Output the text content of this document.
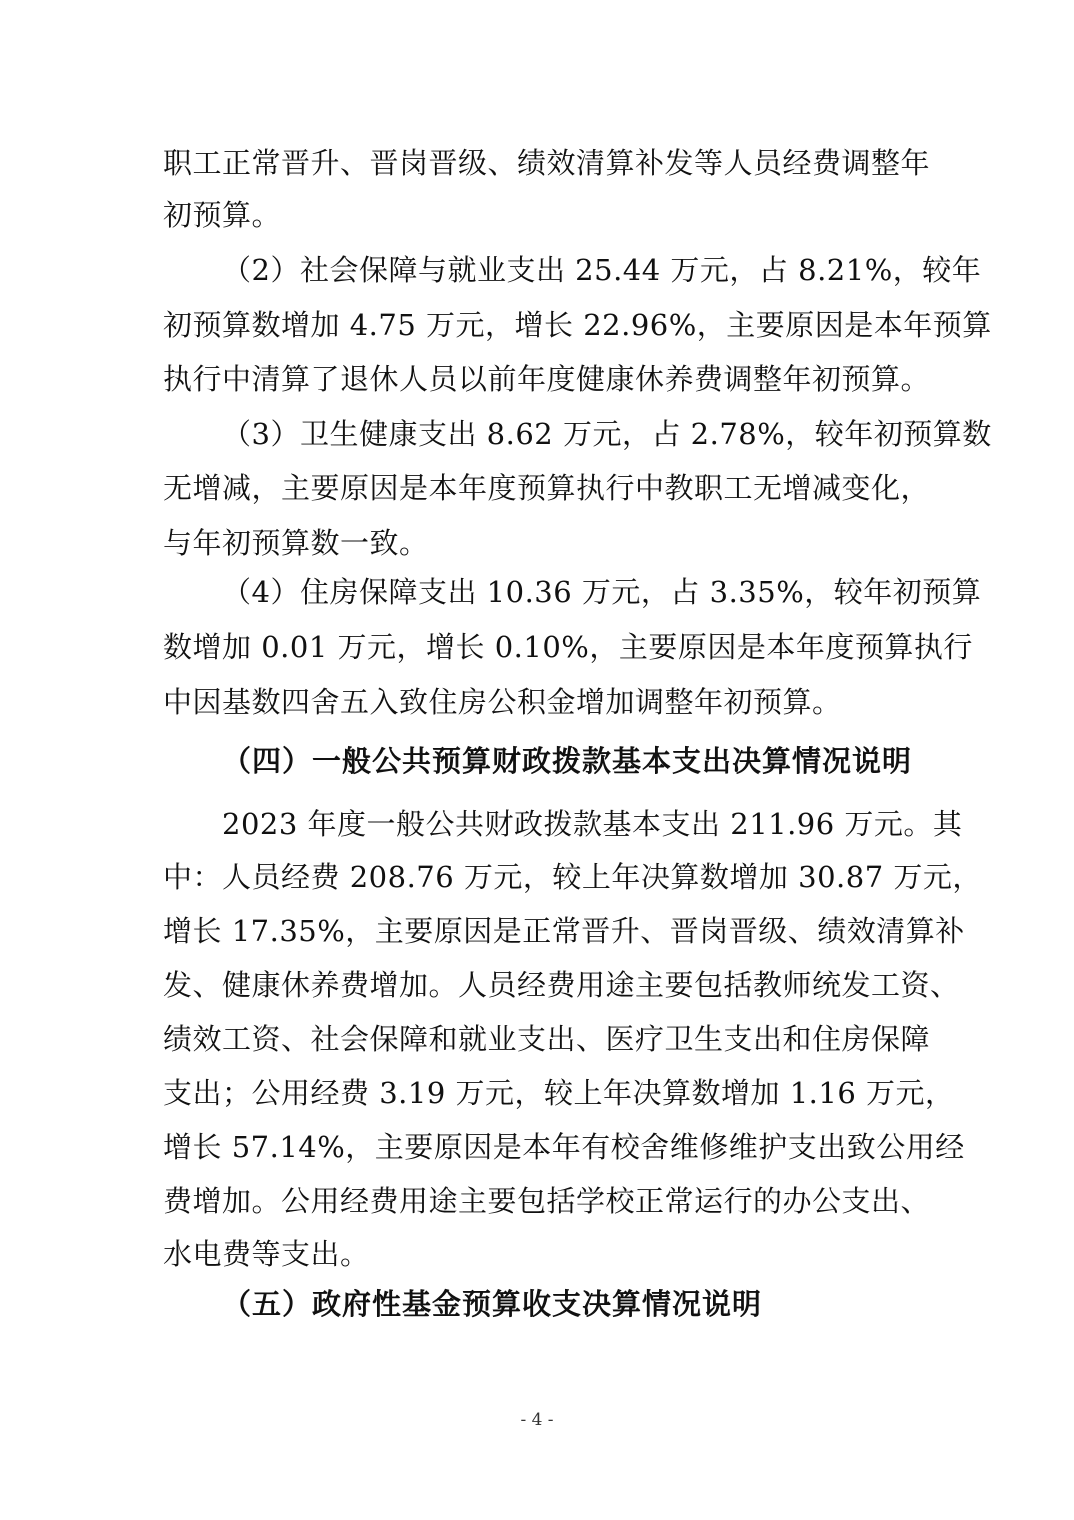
职工正常晋升、晋岗晋级、绩效清算补发等人员经费调整年
初预算。
（2）社会保障与就业支出 25.44 万元，占 8.21%，较年
初预算数增加 4.75 万元，增长 22.96%，主要原因是本年预算
执行中清算了退休人员以前年度健康休养费调整年初预算。
（3）卫生健康支出 8.62 万元，占 2.78%，较年初预算数
无增减，主要原因是本年度预算执行中教职工无增减变化，
与年初预算数一致。
（4）住房保障支出 10.36 万元，占 3.35%，较年初预算
数增加 0.01 万元，增长 0.10%，主要原因是本年度预算执行
中因基数四舍五入致住房公积金增加调整年初预算。
（四）一般公共预算财政拨款基本支出决算情况说明
2023 年度一般公共财政拨款基本支出 211.96 万元。其
中：人员经费 208.76 万元，较上年决算数增加 30.87 万元，
增长 17.35%，主要原因是正常晋升、晋岗晋级、绩效清算补
发、健康休养费增加。人员经费用途主要包括教师统发工资、
绩效工资、社会保障和就业支出、医疗卫生支出和住房保障
支出；公用经费 3.19 万元，较上年决算数增加 1.16 万元，
增长 57.14%，主要原因是本年有校舍维修维护支出致公用经
费增加。公用经费用途主要包括学校正常运行的办公支出、
水电费等支出。
（五）政府性基金预算收支决算情况说明
- 4 -
